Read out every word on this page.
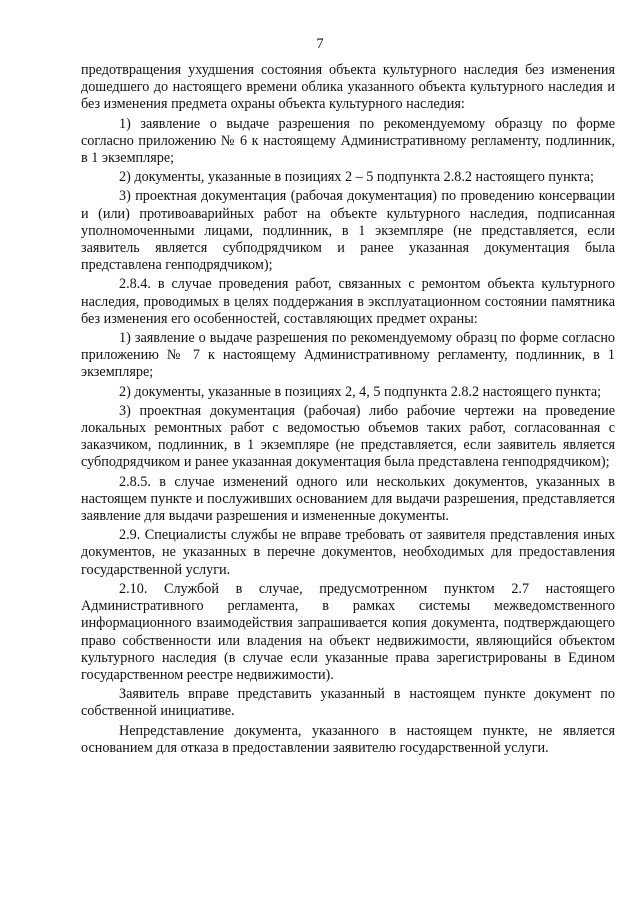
7

предотвращения ухудшения состояния объекта культурного наследия без изменения дошедшего до настоящего времени облика указанного объекта культурного наследия и без изменения предмета охраны объекта культурного наследия:

1) заявление о выдаче разрешения по рекомендуемому образцу по форме согласно приложению № 6 к настоящему Административному регламенту, подлинник, в 1 экземпляре;

2) документы, указанные в позициях 2 – 5 подпункта 2.8.2 настоящего пункта;

3) проектная документация (рабочая документация) по проведению консервации и (или) противоаварийных работ на объекте культурного наследия, подписанная уполномоченными лицами, подлинник, в 1 экземпляре (не представляется, если заявитель является субподрядчиком и ранее указанная документация была представлена генподрядчиком);

2.8.4. в случае проведения работ, связанных с ремонтом объекта культурного наследия, проводимых в целях поддержания в эксплуатационном состоянии памятника без изменения его особенностей, составляющих предмет охраны:

1) заявление о выдаче разрешения по рекомендуемому образц по форме согласно приложению № 7 к настоящему Административному регламенту, подлинник, в 1 экземпляре;

2) документы, указанные в позициях 2, 4, 5 подпункта 2.8.2 настоящего пункта;

3) проектная документация (рабочая) либо рабочие чертежи на проведение локальных ремонтных работ с ведомостью объемов таких работ, согласованная с заказчиком, подлинник, в 1 экземпляре (не представляется, если заявитель является субподрядчиком и ранее указанная документация была представлена генподрядчиком);

2.8.5. в случае изменений одного или нескольких документов, указанных в настоящем пункте и послуживших основанием для выдачи разрешения, представляется заявление для выдачи разрешения и измененные документы.

2.9. Специалисты службы не вправе требовать от заявителя представления иных документов, не указанных в перечне документов, необходимых для предоставления государственной услуги.

2.10. Службой в случае, предусмотренном пунктом 2.7 настоящего Административного регламента, в рамках системы межведомственного информационного взаимодействия запрашивается копия документа, подтверждающего право собственности или владения на объект недвижимости, являющийся объектом культурного наследия (в случае если указанные права зарегистрированы в Едином государственном реестре недвижимости).

Заявитель вправе представить указанный в настоящем пункте документ по собственной инициативе.

Непредставление документа, указанного в настоящем пункте, не является основанием для отказа в предоставлении заявителю государственной услуги.
